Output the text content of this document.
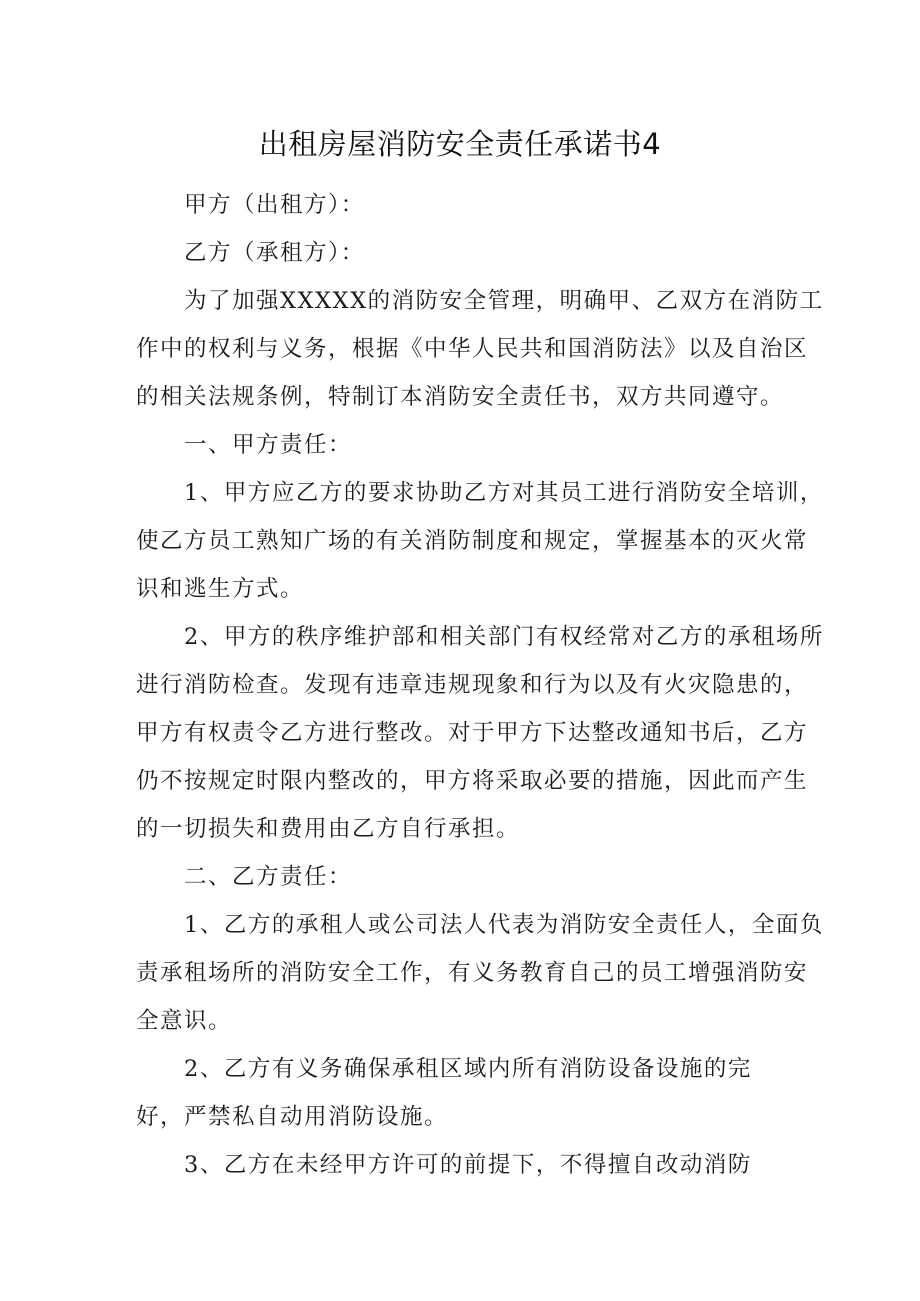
出租房屋消防安全责任承诺书4
甲方（出租方）：
乙方（承租方）：
为了加强XXXXX的消防安全管理，明确甲、乙双方在消防工
作中的权利与义务，根据《中华人民共和国消防法》以及自治区
的相关法规条例，特制订本消防安全责任书，双方共同遵守。
一、甲方责任：
1、甲方应乙方的要求协助乙方对其员工进行消防安全培训，
使乙方员工熟知广场的有关消防制度和规定，掌握基本的灭火常
识和逃生方式。
2、甲方的秩序维护部和相关部门有权经常对乙方的承租场所
进行消防检查。发现有违章违规现象和行为以及有火灾隐患的，
甲方有权责令乙方进行整改。对于甲方下达整改通知书后，乙方
仍不按规定时限内整改的，甲方将采取必要的措施，因此而产生
的一切损失和费用由乙方自行承担。
二、乙方责任：
1、乙方的承租人或公司法人代表为消防安全责任人，全面负
责承租场所的消防安全工作，有义务教育自己的员工增强消防安
全意识。
2、乙方有义务确保承租区域内所有消防设备设施的完
好，严禁私自动用消防设施。
3、乙方在未经甲方许可的前提下，不得擅自改动消防
